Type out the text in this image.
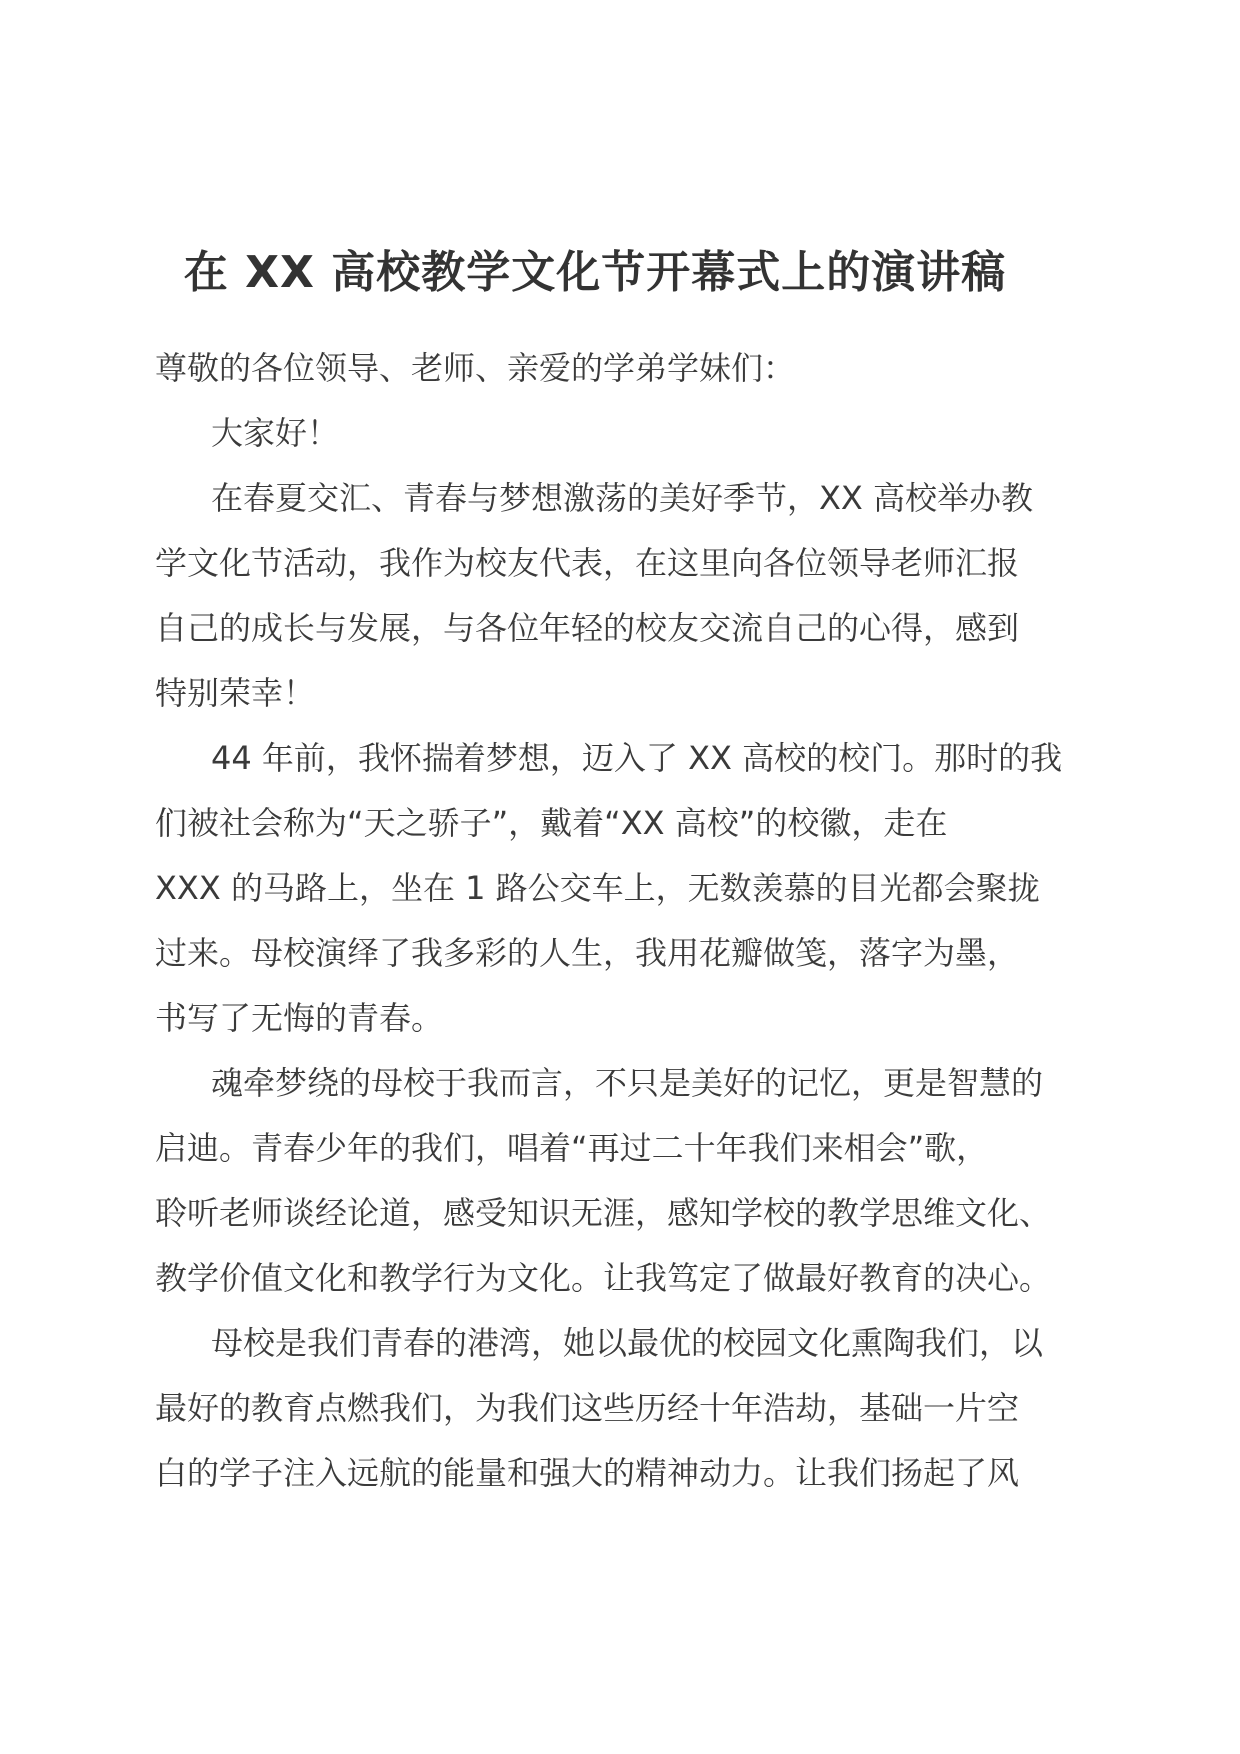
在 XX 高校教学文化节开幕式上的演讲稿

尊敬的各位领导、老师、亲爱的学弟学妹们：

大家好！

在春夏交汇、青春与梦想激荡的美好季节，XX 高校举办教
学文化节活动，我作为校友代表，在这里向各位领导老师汇报
自己的成长与发展，与各位年轻的校友交流自己的心得，感到
特别荣幸！

44 年前，我怀揣着梦想，迈入了 XX 高校的校门。那时的我
们被社会称为“天之骄子”，戴着“XX 高校”的校徽，走在
XXX 的马路上，坐在 1 路公交车上，无数羡慕的目光都会聚拢
过来。母校演绎了我多彩的人生，我用花瓣做笺，落字为墨，
书写了无悔的青春。

魂牵梦绕的母校于我而言，不只是美好的记忆，更是智慧的
启迪。青春少年的我们，唱着“再过二十年我们来相会”歌，
聆听老师谈经论道，感受知识无涯，感知学校的教学思维文化、
教学价值文化和教学行为文化。让我笃定了做最好教育的决心。

母校是我们青春的港湾，她以最优的校园文化熏陶我们，以
最好的教育点燃我们，为我们这些历经十年浩劫，基础一片空
白的学子注入远航的能量和强大的精神动力。让我们扬起了风
